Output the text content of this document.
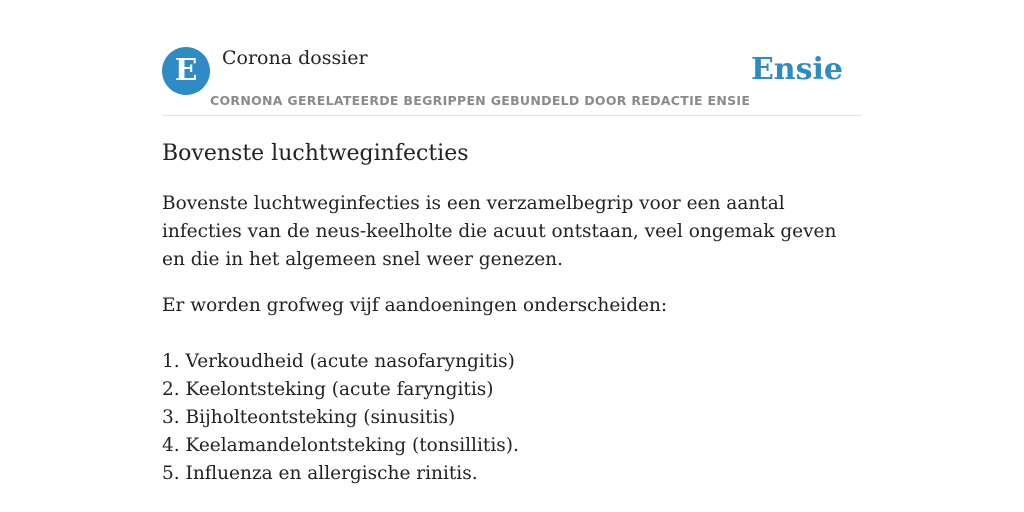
E	Corona dossier
CORNONA GERELATEERDE BEGRIPPEN GEBUNDELD DOOR REDACTIE ENSIE
Ensie
Bovenste luchtweginfecties

Bovenste luchtweginfecties is een verzamelbegrip voor een aantal infecties van de neus-keelholte die acuut ontstaan, veel ongemak geven en die in het algemeen snel weer genezen.

Er worden grofweg vijf aandoeningen onderscheiden:

1. Verkoudheid (acute nasofaryngitis)
2. Keelontsteking (acute faryngitis)
3. Bijholteontsteking (sinusitis)
4. Keelamandelontsteking (tonsillitis).
5. Influenza en allergische rinitis.
